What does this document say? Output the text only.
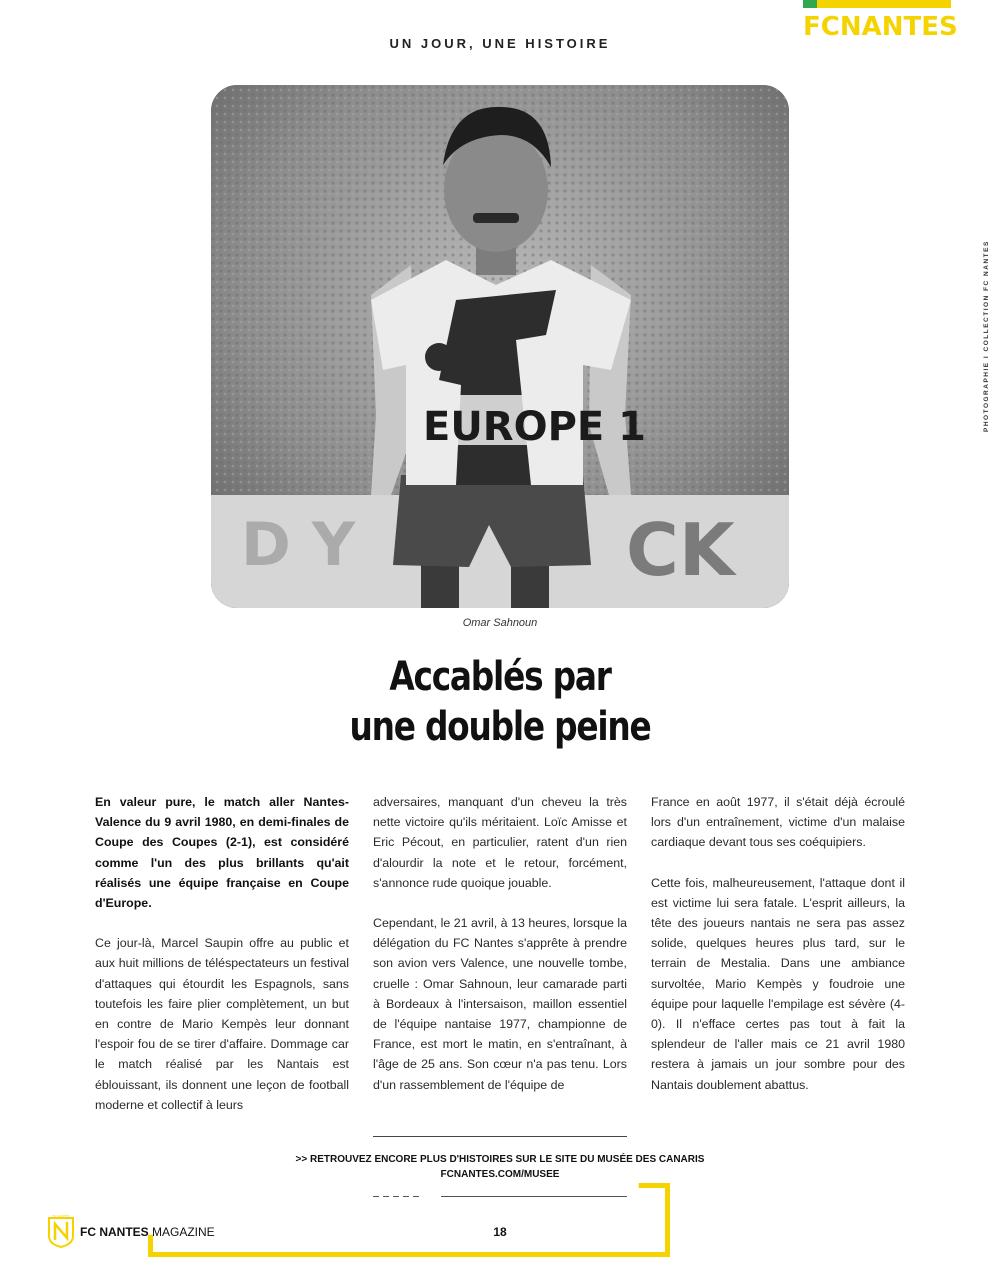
FCNANTES
UN JOUR, UNE HISTOIRE
PHOTOGRAPHIE I COLLECTION FC NANTES
D Y	CK
EUROPE 1
Omar Sahnoun
Accablés par
une double peine

En valeur pure, le match aller Nantes-Valence du 9 avril 1980, en demi-finales de Coupe des Coupes (2-1), est considéré comme l'un des plus brillants qu'ait réalisés une équipe française en Coupe d'Europe.

Ce jour-là, Marcel Saupin offre au public et aux huit millions de téléspectateurs un festival d'attaques qui étourdit les Espagnols, sans toutefois les faire plier complètement, un but en contre de Mario Kempès leur donnant l'espoir fou de se tirer d'affaire. Dommage car le match réalisé par les Nantais est éblouissant, ils donnent une leçon de football moderne et collectif à leurs

adversaires, manquant d'un cheveu la très nette victoire qu'ils méritaient. Loïc Amisse et Eric Pécout, en particulier, ratent d'un rien d'alourdir la note et le retour, forcément, s'annonce rude quoique jouable.

Cependant, le 21 avril, à 13 heures, lorsque la délégation du FC Nantes s'apprête à prendre son avion vers Valence, une nouvelle tombe, cruelle : Omar Sahnoun, leur camarade parti à Bordeaux à l'intersaison, maillon essentiel de l'équipe nantaise 1977, championne de France, est mort le matin, en s'entraînant, à l'âge de 25 ans. Son cœur n'a pas tenu. Lors d'un rassemblement de l'équipe de

France en août 1977, il s'était déjà écroulé lors d'un entraînement, victime d'un malaise cardiaque devant tous ses coéquipiers.

Cette fois, malheureusement, l'attaque dont il est victime lui sera fatale. L'esprit ailleurs, la tête des joueurs nantais ne sera pas assez solide, quelques heures plus tard, sur le terrain de Mestalia. Dans une ambiance survoltée, Mario Kempès y foudroie une équipe pour laquelle l'empilage est sévère (4-0). Il n'efface certes pas tout à fait la splendeur de l'aller mais ce 21 avril 1980 restera à jamais un jour sombre pour des Nantais doublement abattus.

>> RETROUVEZ ENCORE PLUS D'HISTOIRES SUR LE SITE DU MUSÉE DES CANARIS
FCNANTES.COM/MUSEE
FC NANTES
FC NANTES MAGAZINE	18
